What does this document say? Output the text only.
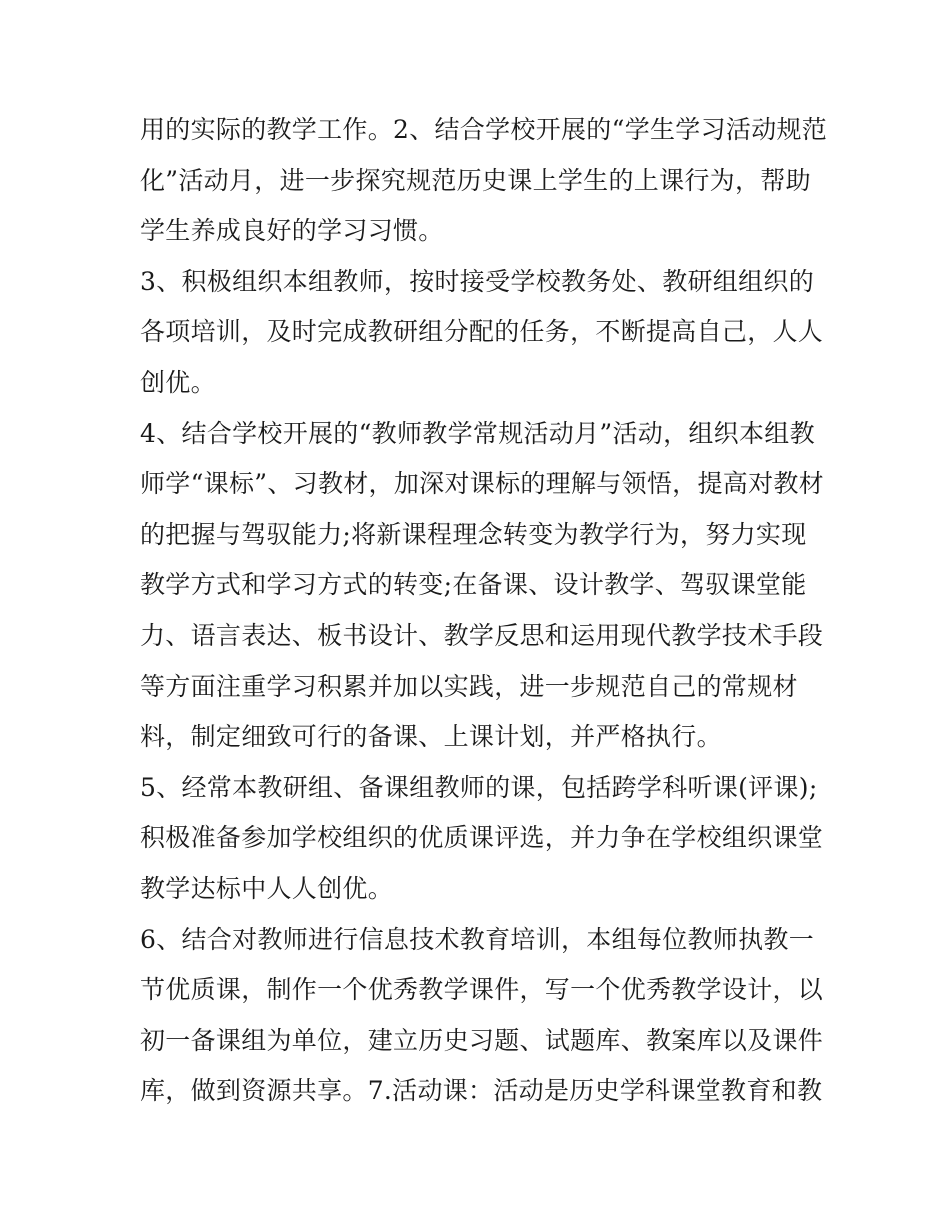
用的实际的教学工作。2、结合学校开展的“学生学习活动规范
化”活动月，进一步探究规范历史课上学生的上课行为，帮助
学生养成良好的学习习惯。
3、积极组织本组教师，按时接受学校教务处、教研组组织的
各项培训，及时完成教研组分配的任务，不断提高自己，人人
创优。
4、结合学校开展的“教师教学常规活动月”活动，组织本组教
师学“课标”、习教材，加深对课标的理解与领悟，提高对教材
的把握与驾驭能力;将新课程理念转变为教学行为，努力实现
教学方式和学习方式的转变;在备课、设计教学、驾驭课堂能
力、语言表达、板书设计、教学反思和运用现代教学技术手段
等方面注重学习积累并加以实践，进一步规范自己的常规材
料，制定细致可行的备课、上课计划，并严格执行。
5、经常本教研组、备课组教师的课，包括跨学科听课(评课);
积极准备参加学校组织的优质课评选，并力争在学校组织课堂
教学达标中人人创优。
6、结合对教师进行信息技术教育培训，本组每位教师执教一
节优质课，制作一个优秀教学课件，写一个优秀教学设计，以
初一备课组为单位，建立历史习题、试题库、教案库以及课件
库，做到资源共享。7.活动课：活动是历史学科课堂教育和教
